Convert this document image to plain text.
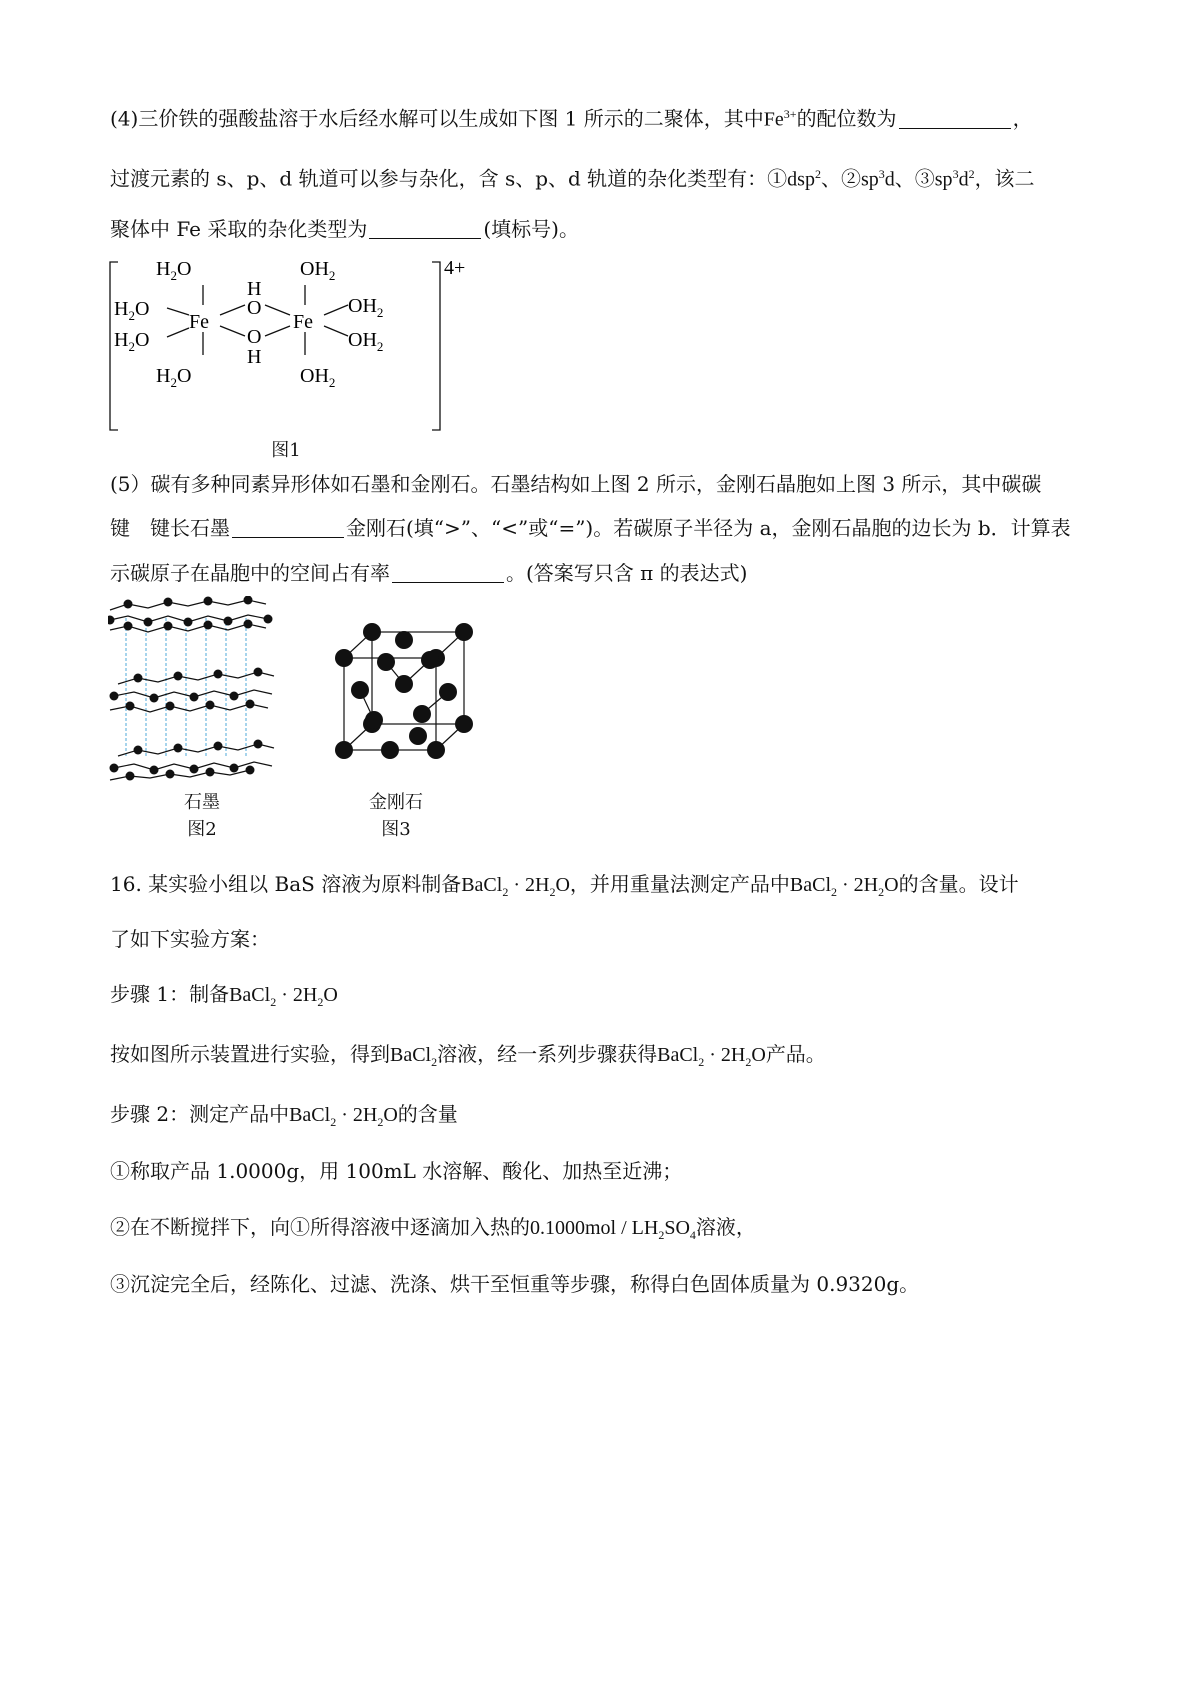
(4)三价铁的强酸盐溶于水后经水解可以生成如下图 1 所示的二聚体，其中$Fe^{3+}$的配位数为	，
过渡元素的 s、p、d 轨道可以参与杂化，含 s、p、d 轨道的杂化类型有：①dsp$^2$、$②sp^3d$、$③sp^3d^2$，该二
聚体中 Fe 采取的杂化类型为	(填标号)。
$H_2O$	$OH_2$
H
O
O
H
$H_2O$
$H_2O$
Fe	Fe
$OH_2$
$OH_2$
$H_2O$	$OH_2$
4+
图1
(5）碳有多种同素异形体如石墨和金刚石。石墨结构如上图 2 所示，金刚石晶胞如上图 3 所示，其中碳碳
键　键长石墨	金刚石(填“>”、“<”或“=”)。若碳原子半径为 a，金刚石晶胞的边长为 b．计算表
示碳原子在晶胞中的空间占有率	。(答案写只含 π 的表达式)
石墨
图2
金刚石
图3
16. 某实验小组以 BaS 溶液为原料制备BaCl$_2$ · $2H_2O$，并用重量法测定产品中BaCl$_2$ · $2H_2O$的含量。设计
了如下实验方案：
步骤 1：制备BaCl$_2$ · $2H_2O$
按如图所示装置进行实验，得到BaCl$_2$溶液，经一系列步骤获得BaCl$_2$ · $2H_2O$产品。
步骤 2：测定产品中BaCl$_2$ · $2H_2O$的含量
①称取产品 1.0000g，用 100mL 水溶解、酸化、加热至近沸；
②在不断搅拌下，向①所得溶液中逐滴加入热的$0.1000mol / LH_2SO_4$溶液，
③沉淀完全后，经陈化、过滤、洗涤、烘干至恒重等步骤，称得白色固体质量为 0.9320g。
